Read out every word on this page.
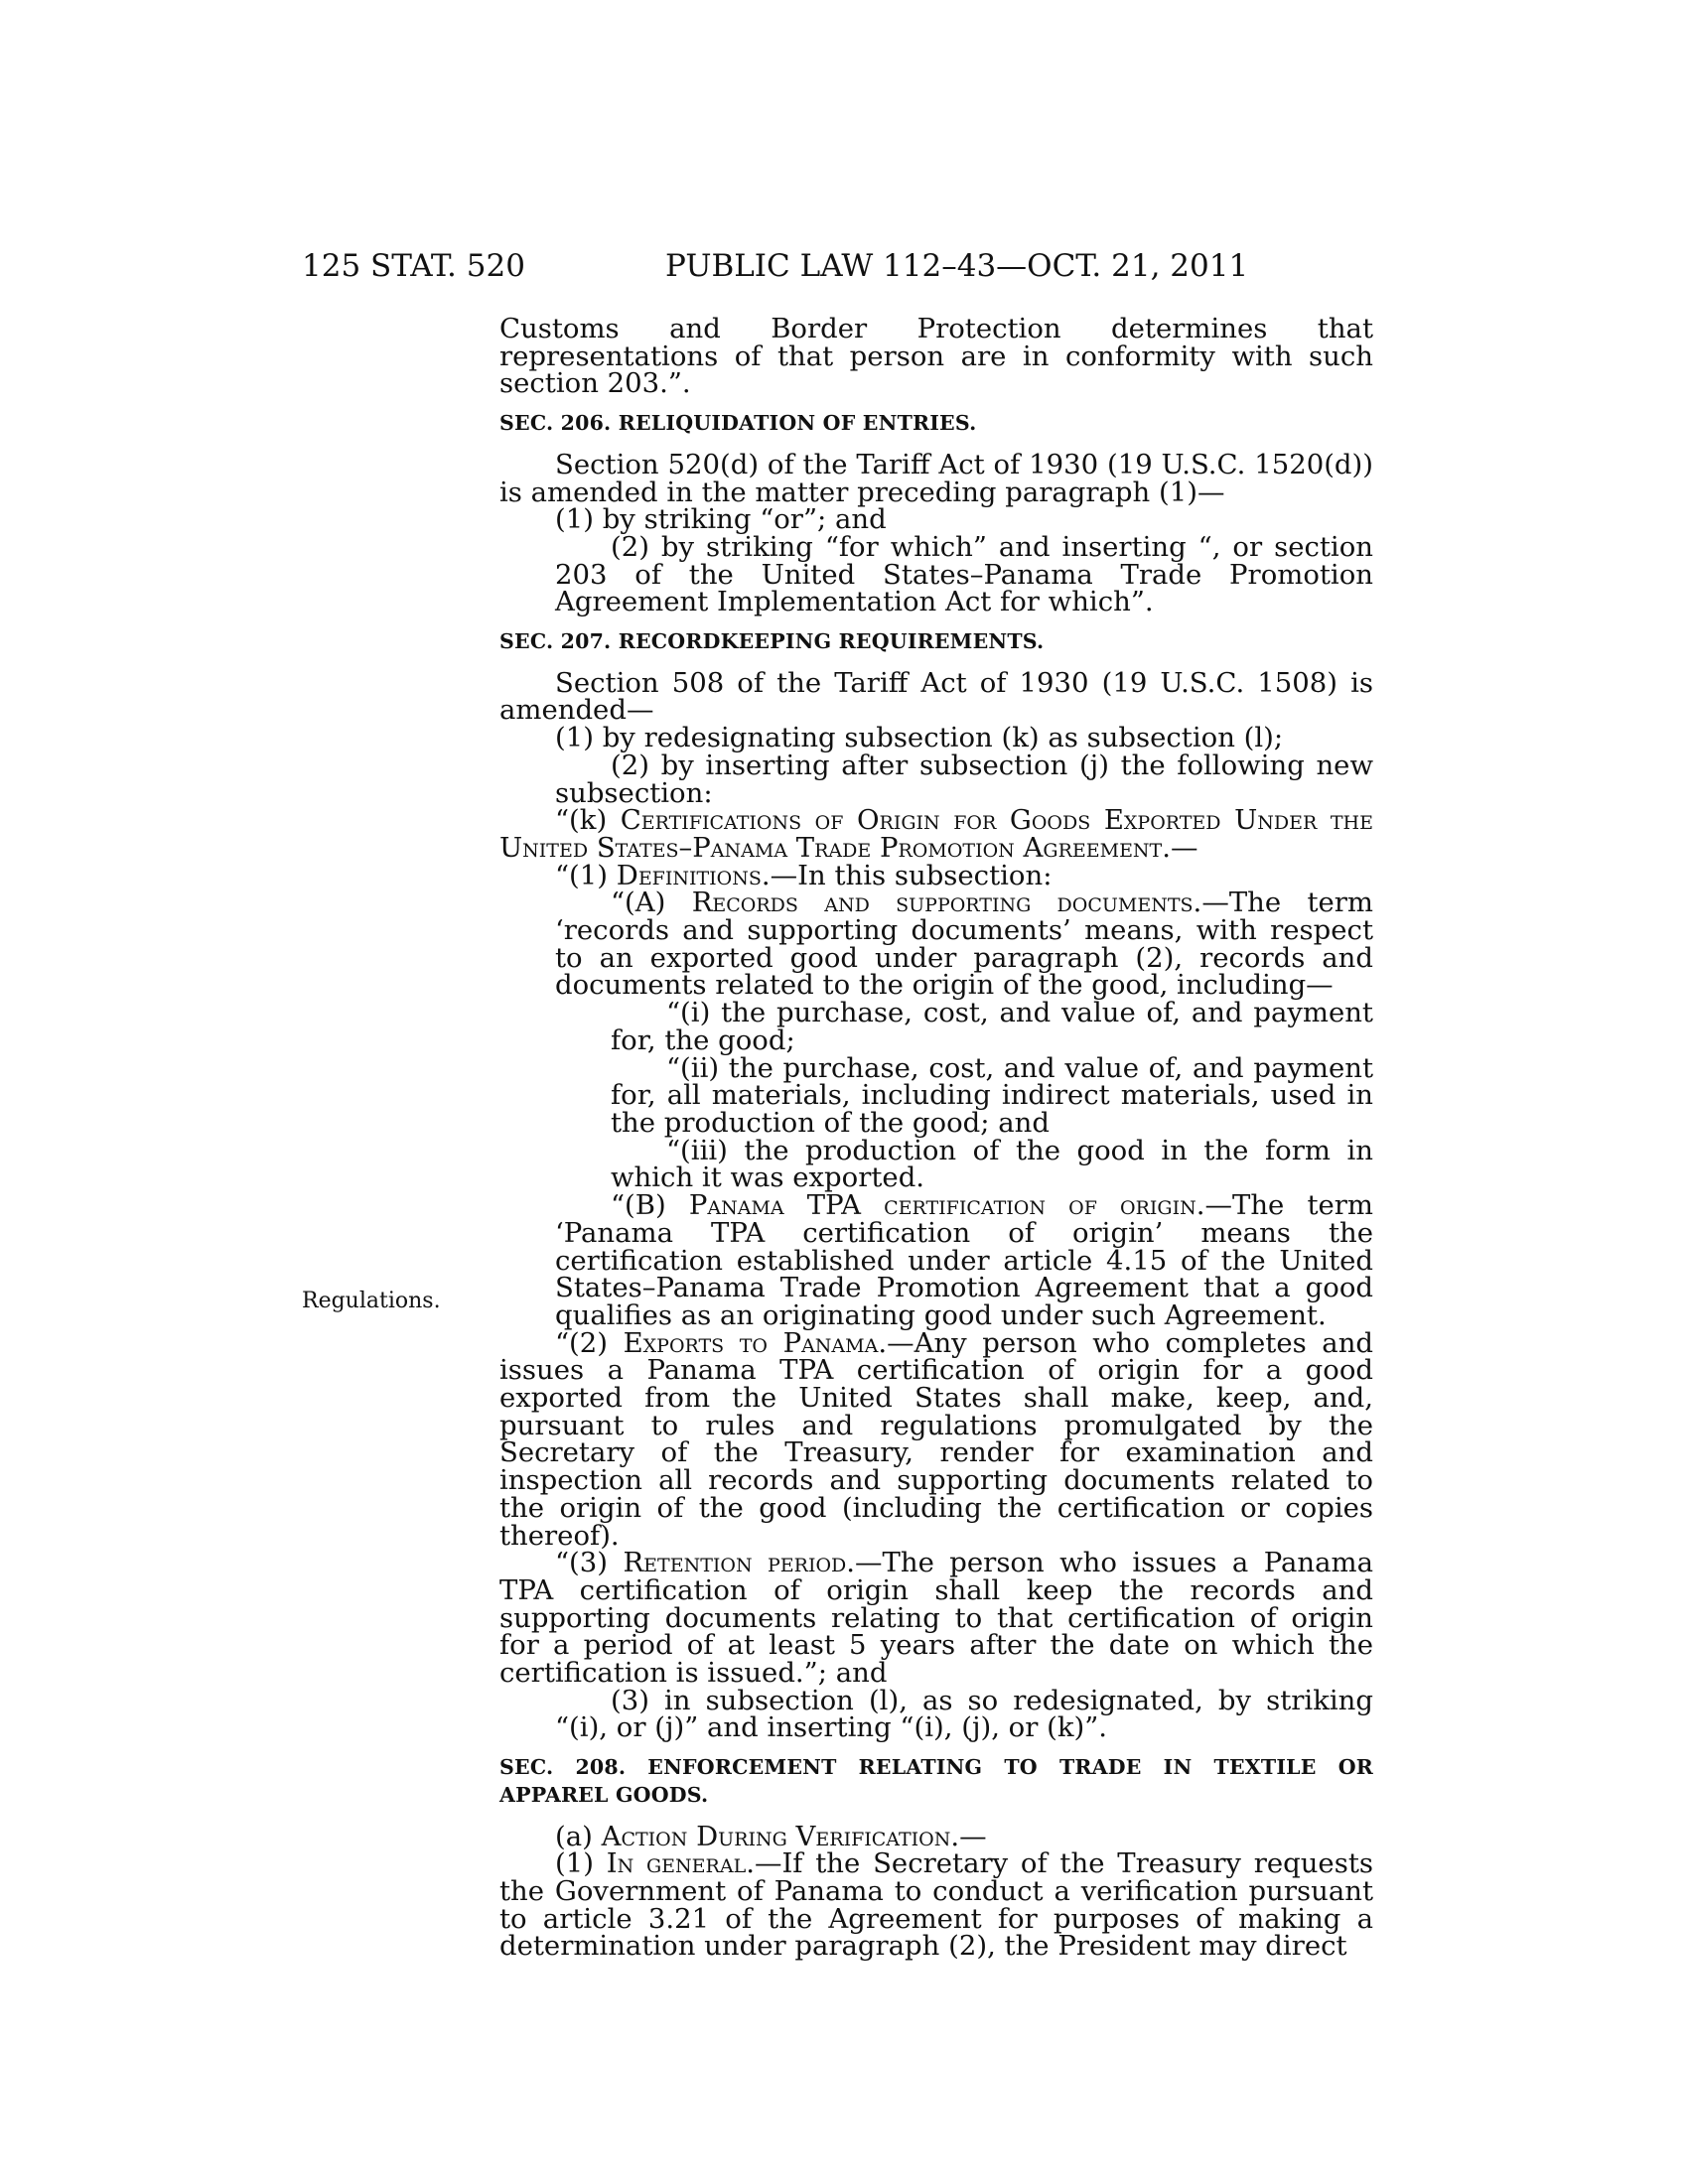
125 STAT. 520	PUBLIC LAW 112–43—OCT. 21, 2011
Regulations.

Customs and Border Protection determines that representations of that person are in conformity with such section 203.”.

SEC. 206. RELIQUIDATION OF ENTRIES.

Section 520(d) of the Tariff Act of 1930 (19 U.S.C. 1520(d)) is amended in the matter preceding paragraph (1)—

(1) by striking “or”; and

(2) by striking “for which” and inserting “, or section 203 of the United States–Panama Trade Promotion Agreement Implementation Act for which”.

SEC. 207. RECORDKEEPING REQUIREMENTS.

Section 508 of the Tariff Act of 1930 (19 U.S.C. 1508) is amended—

(1) by redesignating subsection (k) as subsection (l);

(2) by inserting after subsection (j) the following new subsection:

“(k) Certifications of Origin for Goods Exported Under the United States–Panama Trade Promotion Agreement.—

“(1) Definitions.—In this subsection:

“(A) Records and supporting documents.—The term ‘records and supporting documents’ means, with respect to an exported good under paragraph (2), records and documents related to the origin of the good, including—

“(i) the purchase, cost, and value of, and payment for, the good;

“(ii) the purchase, cost, and value of, and payment for, all materials, including indirect materials, used in the production of the good; and

“(iii) the production of the good in the form in which it was exported.

“(B) Panama TPA certification of origin.—The term ‘Panama TPA certification of origin’ means the certification established under article 4.15 of the United States–Panama Trade Promotion Agreement that a good qualifies as an originating good under such Agreement.

“(2) Exports to Panama.—Any person who completes and issues a Panama TPA certification of origin for a good exported from the United States shall make, keep, and, pursuant to rules and regulations promulgated by the Secretary of the Treasury, render for examination and inspection all records and supporting documents related to the origin of the good (including the certification or copies thereof).

“(3) Retention period.—The person who issues a Panama TPA certification of origin shall keep the records and supporting documents relating to that certification of origin for a period of at least 5 years after the date on which the certification is issued.”; and

(3) in subsection (l), as so redesignated, by striking “(i), or (j)” and inserting “(i), (j), or (k)”.

SEC. 208. ENFORCEMENT RELATING TO TRADE IN TEXTILE OR
APPAREL GOODS.

(a) Action During Verification.—

(1) In general.—If the Secretary of the Treasury requests the Government of Panama to conduct a verification pursuant to article 3.21 of the Agreement for purposes of making a determination under paragraph (2), the President may direct
